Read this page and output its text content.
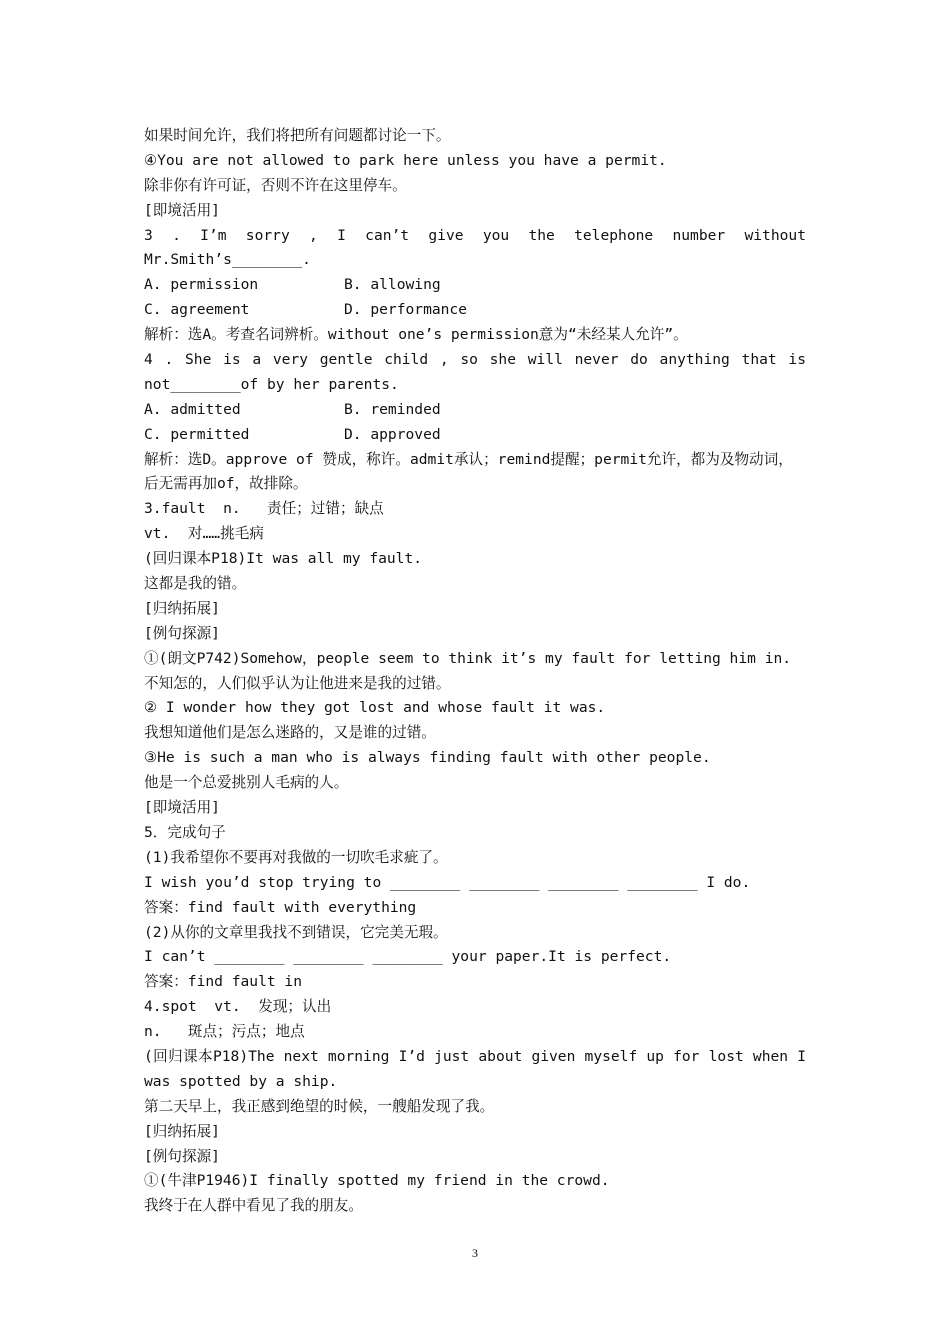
如果时间允许，我们将把所有问题都讨论一下。
④You are not allowed to park here unless you have a permit.
除非你有许可证，否则不许在这里停车。
[即境活用]
3 . I’m sorry , I can’t give you the telephone number without
Mr.Smith’s________.
A. permission	B. allowing
C. agreement	D. performance
解析：选A。考查名词辨析。without one’s permission意为“未经某人允许”。
4 . She is a very gentle child , so she will never do anything that is
not________of by her parents.
A. admitted	B. reminded
C. permitted	D. approved
解析：选D。approve of 赞成，称许。admit承认；remind提醒；permit允许，都为及物动词，
后无需再加of，故排除。
3.fault  n.   责任；过错；缺点
vt.  对……挑毛病
(回归课本P18)It was all my fault.
这都是我的错。
[归纳拓展]
[例句探源]
①(朗文P742)Somehow，people seem to think it’s my fault for letting him in.
不知怎的，人们似乎认为让他进来是我的过错。
② I wonder how they got lost and whose fault it was.
我想知道他们是怎么迷路的，又是谁的过错。
③He is such a man who is always finding fault with other people.
他是一个总爱挑别人毛病的人。
[即境活用]
5．完成句子
(1)我希望你不要再对我做的一切吹毛求疵了。
I wish you’d stop trying to ________ ________ ________ ________ I do.
答案：find fault with everything
(2)从你的文章里我找不到错误，它完美无瑕。
I can’t ________ ________ ________ your paper.It is perfect.
答案：find fault in
4.spot  vt.  发现；认出
n.   斑点；污点；地点
(回归课本P18)The next morning I’d just about given myself up for lost when I
was spotted by a ship.
第二天早上，我正感到绝望的时候，一艘船发现了我。
[归纳拓展]
[例句探源]
①(牛津P1946)I finally spotted my friend in the crowd.
我终于在人群中看见了我的朋友。
3
